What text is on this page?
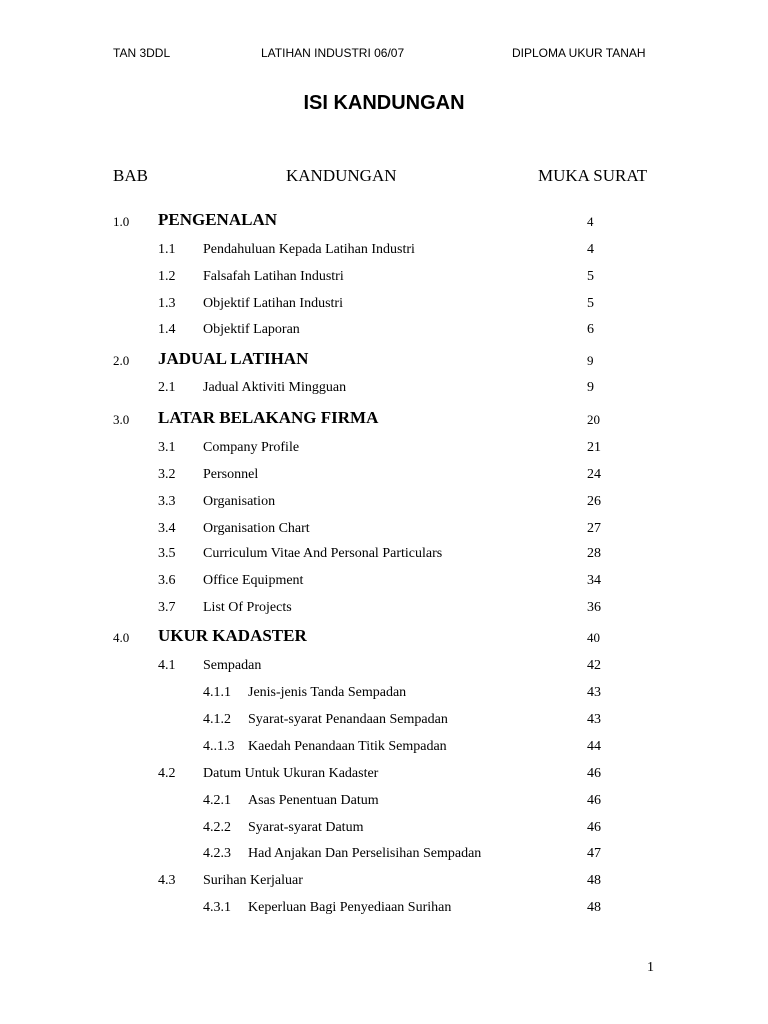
TAN 3DDL	LATIHAN INDUSTRI 06/07	DIPLOMA UKUR TANAH
ISI KANDUNGAN
BAB	KANDUNGAN	MUKA SURAT
1.0 PENGENALAN	4
1.1 Pendahuluan Kepada Latihan Industri	4
1.2 Falsafah Latihan Industri	5
1.3 Objektif Latihan Industri	5
1.4 Objektif Laporan	6
2.0 JADUAL LATIHAN	9
2.1 Jadual Aktiviti Mingguan	9
3.0 LATAR BELAKANG FIRMA	20
3.1 Company Profile	21
3.2 Personnel	24
3.3 Organisation	26
3.4 Organisation Chart	27
3.5 Curriculum Vitae And Personal Particulars	28
3.6 Office Equipment	34
3.7 List Of Projects	36
4.0 UKUR KADASTER	40
4.1 Sempadan	42
4.1.1 Jenis-jenis Tanda Sempadan	43
4.1.2 Syarat-syarat Penandaan Sempadan	43
4..1.3 Kaedah Penandaan Titik Sempadan	44
4.2 Datum Untuk Ukuran Kadaster	46
4.2.1 Asas Penentuan Datum	46
4.2.2 Syarat-syarat Datum	46
4.2.3 Had Anjakan Dan Perselisihan Sempadan	47
4.3 Surihan Kerjaluar	48
4.3.1 Keperluan Bagi Penyediaan Surihan	48
1
